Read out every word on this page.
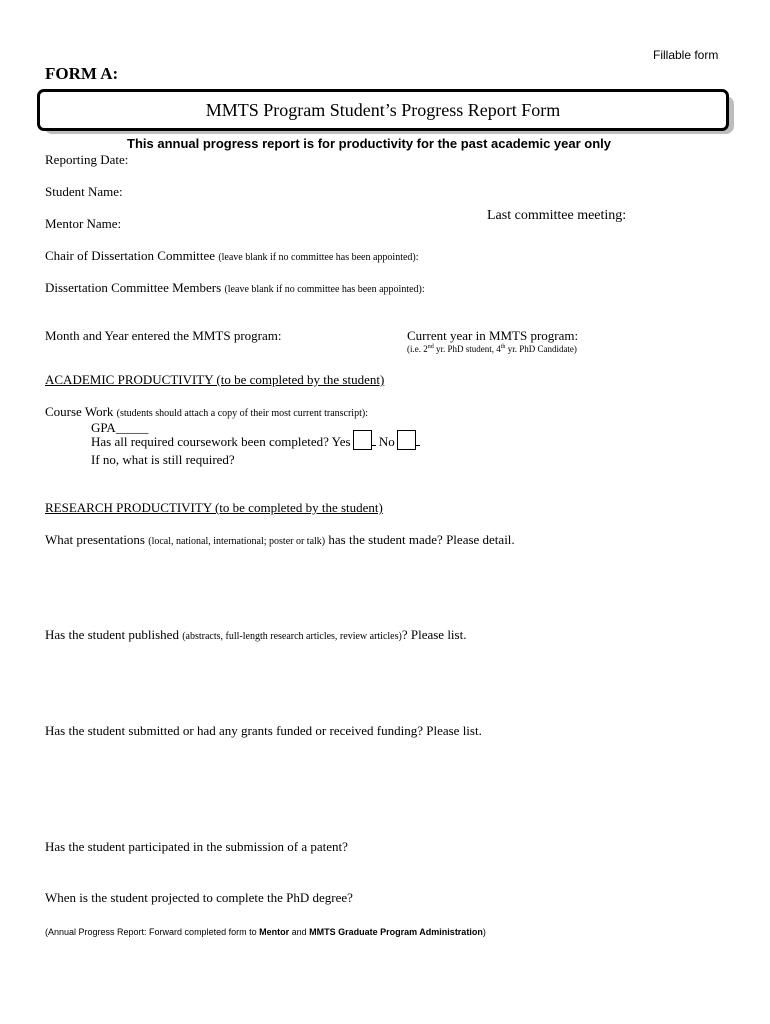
Fillable form
FORM A:
MMTS Program Student’s Progress Report Form
This annual progress report is for productivity for the past academic year only
Reporting Date:
Student Name:
Mentor Name:
Last committee meeting:
Chair of Dissertation Committee (leave blank if no committee has been appointed):
Dissertation Committee Members (leave blank if no committee has been appointed):
Month and Year entered the MMTS program:	Current year in MMTS program:
(i.e. 2nd yr. PhD student, 4th yr. PhD Candidate)
ACADEMIC PRODUCTIVITY (to be completed by the student)
Course Work (students should attach a copy of their most current transcript):
GPA_____
Has all required coursework been completed? Yes No
If no, what is still required?
RESEARCH PRODUCTIVITY (to be completed by the student)
What presentations (local, national, international; poster or talk) has the student made? Please detail.
Has the student published (abstracts, full-length research articles, review articles)? Please list.
Has the student submitted or had any grants funded or received funding? Please list.
Has the student participated in the submission of a patent?
When is the student projected to complete the PhD degree?
(Annual Progress Report: Forward completed form to Mentor and MMTS Graduate Program Administration)
